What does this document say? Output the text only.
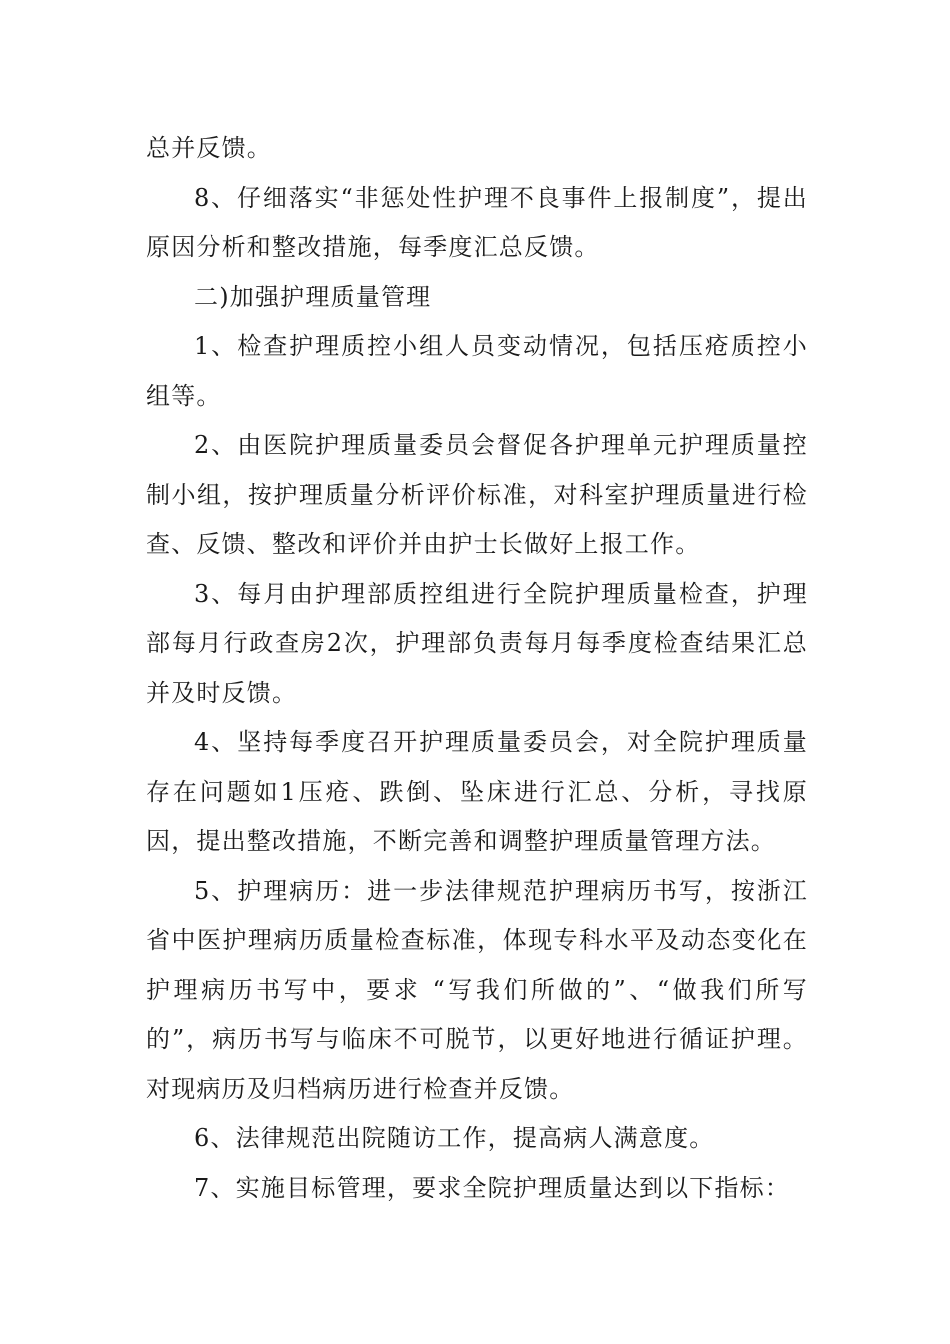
总并反馈。

8、仔细落实“非惩处性护理不良事件上报制度”，提出原因分析和整改措施，每季度汇总反馈。

二)加强护理质量管理

1、检查护理质控小组人员变动情况，包括压疮质控小组等。

2、由医院护理质量委员会督促各护理单元护理质量控制小组，按护理质量分析评价标准，对科室护理质量进行检查、反馈、整改和评价并由护士长做好上报工作。

3、每月由护理部质控组进行全院护理质量检查，护理部每月行政查房2次，护理部负责每月每季度检查结果汇总并及时反馈。

4、坚持每季度召开护理质量委员会，对全院护理质量存在问题如1压疮、跌倒、坠床进行汇总、分析，寻找原因，提出整改措施，不断完善和调整护理质量管理方法。

5、护理病历：进一步法律规范护理病历书写，按浙江省中医护理病历质量检查标准，体现专科水平及动态变化在护理病历书写中，要求 “写我们所做的”、“做我们所写的”，病历书写与临床不可脱节，以更好地进行循证护理。对现病历及归档病历进行检查并反馈。

6、法律规范出院随访工作，提高病人满意度。

7、实施目标管理，要求全院护理质量达到以下指标：
